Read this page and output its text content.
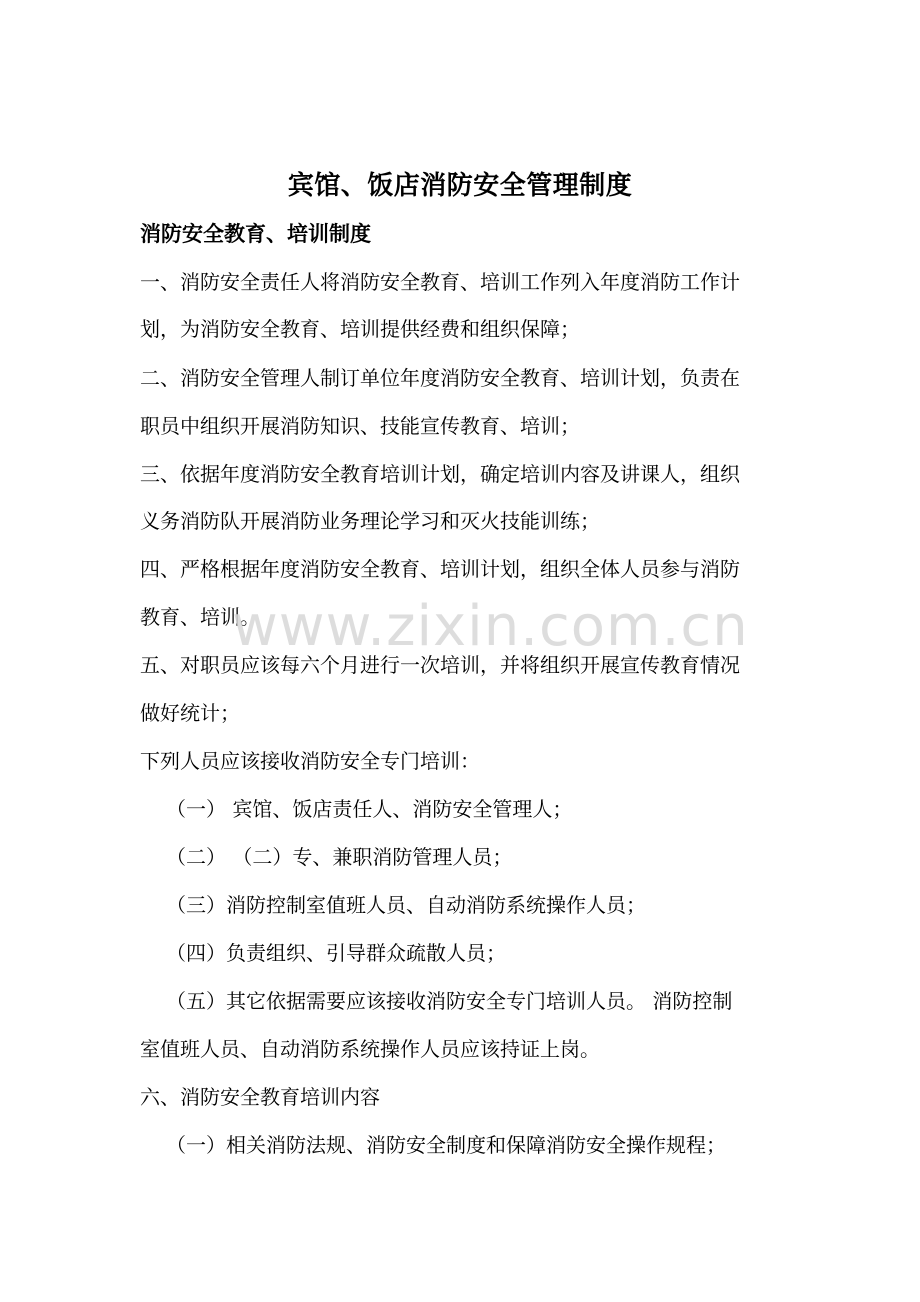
宾馆、饭店消防安全管理制度
消防安全教育、培训制度
一、消防安全责任人将消防安全教育、培训工作列入年度消防工作计
划，为消防安全教育、培训提供经费和组织保障；
二、消防安全管理人制订单位年度消防安全教育、培训计划，负责在
职员中组织开展消防知识、技能宣传教育、培训；
三、依据年度消防安全教育培训计划，确定培训内容及讲课人，组织
义务消防队开展消防业务理论学习和灭火技能训练；
四、严格根据年度消防安全教育、培训计划，组织全体人员参与消防
教育、培训。
五、对职员应该每六个月进行一次培训，并将组织开展宣传教育情况
做好统计；
下列人员应该接收消防安全专门培训：
（一） 宾馆、饭店责任人、消防安全管理人；
（二） （二）专、兼职消防管理人员；
（三）消防控制室值班人员、自动消防系统操作人员；
（四）负责组织、引导群众疏散人员；
（五）其它依据需要应该接收消防安全专门培训人员。 消防控制
室值班人员、自动消防系统操作人员应该持证上岗。
六、消防安全教育培训内容
（一）相关消防法规、消防安全制度和保障消防安全操作规程；
www.zixin.com.cn
